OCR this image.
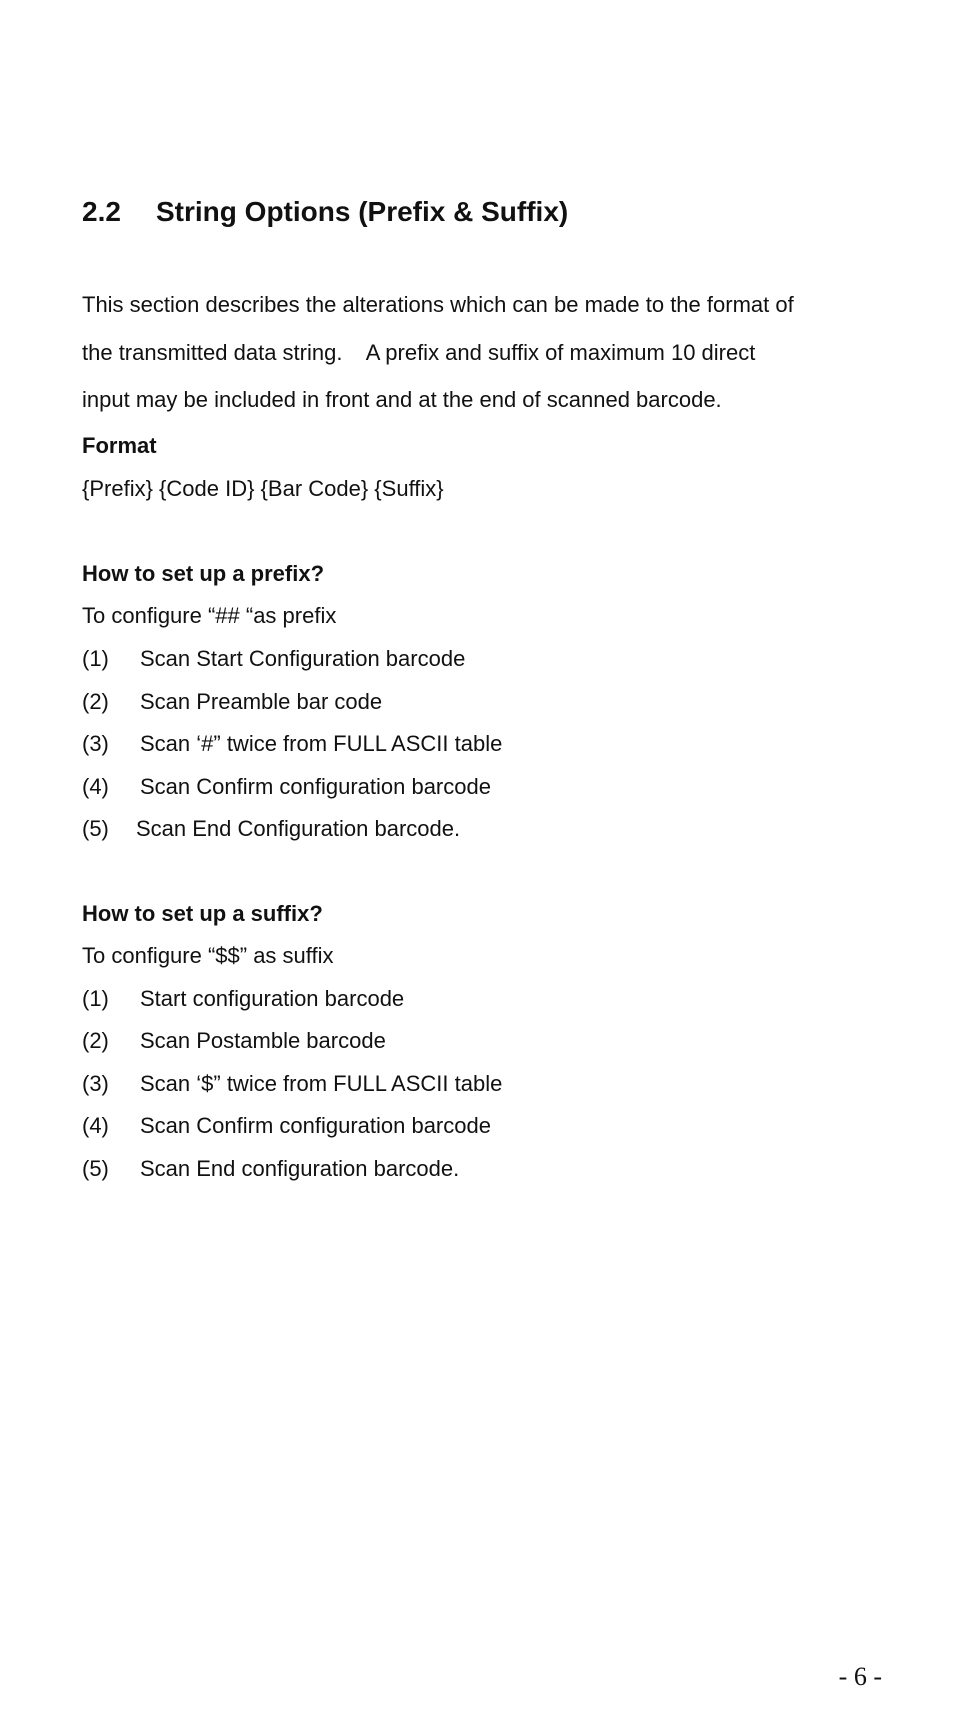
2.2 String Options (Prefix & Suffix)
This section describes the alterations which can be made to the format of
the transmitted data string.    A prefix and suffix of maximum 10 direct
input may be included in front and at the end of scanned barcode.
Format
{Prefix} {Code ID} {Bar Code} {Suffix}
How to set up a prefix?
To configure “## “as prefix
(1) Scan Start Configuration barcode
(2) Scan Preamble bar code
(3) Scan ‘#” twice from FULL ASCII table
(4) Scan Confirm configuration barcode
(5) Scan End Configuration barcode.
How to set up a suffix?
To configure “$$” as suffix
(1) Start configuration barcode
(2) Scan Postamble barcode
(3) Scan ‘$” twice from FULL ASCII table
(4) Scan Confirm configuration barcode
(5) Scan End configuration barcode.
- 6 -
